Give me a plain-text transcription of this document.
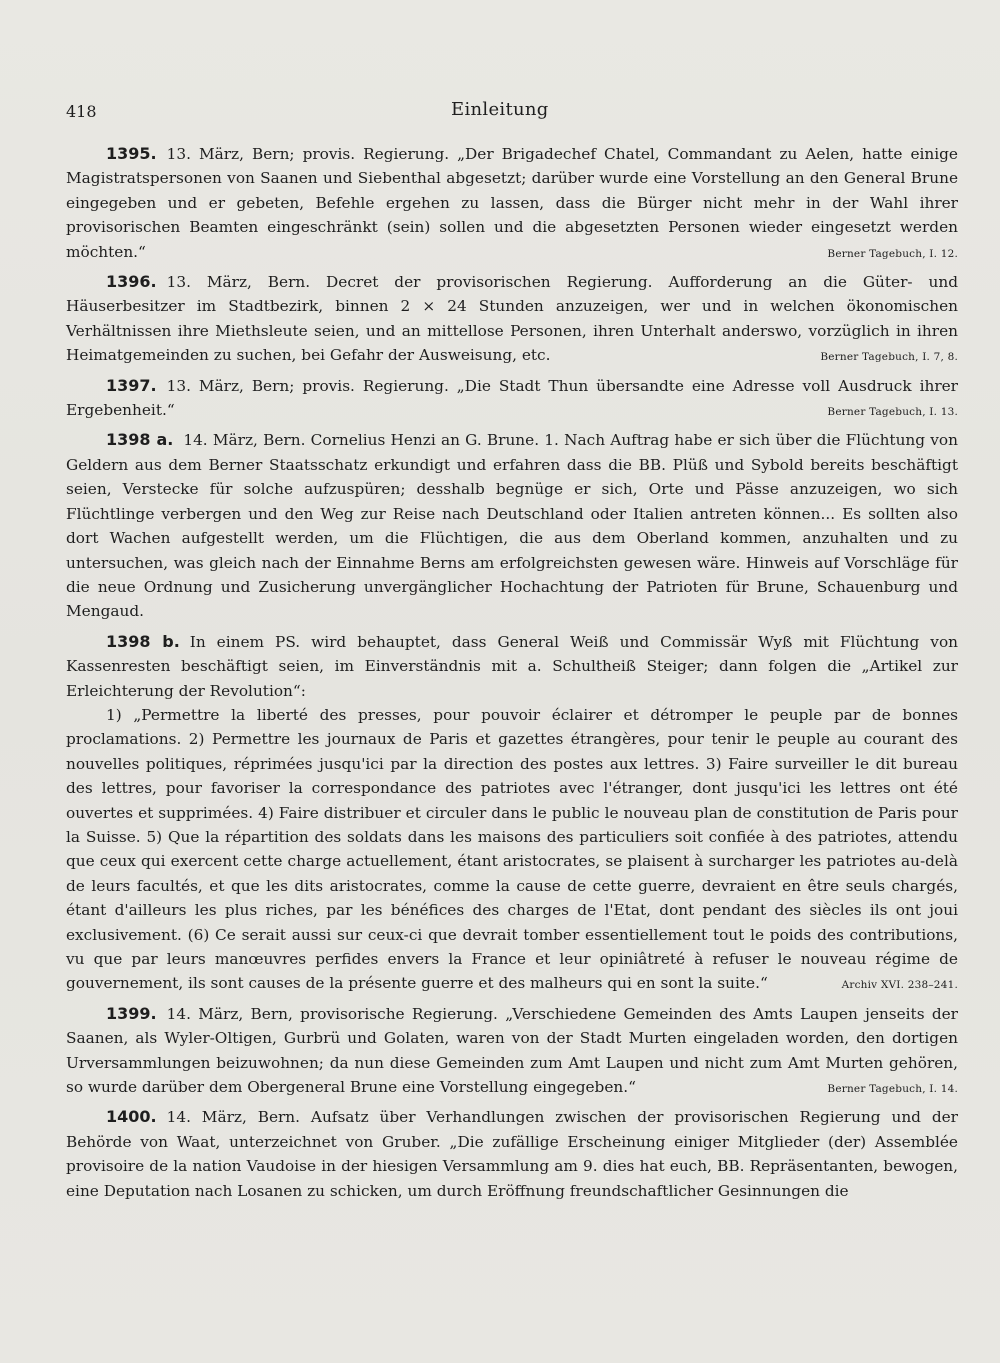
418	Einleitung

1395. 13. März, Bern; provis. Regierung. „Der Brigadechef Chatel, Commandant zu Aelen, hatte einige Magistratspersonen von Saanen und Siebenthal abgesetzt; darüber wurde eine Vorstellung an den General Brune eingegeben und er gebeten, Befehle ergehen zu lassen, dass die Bürger nicht mehr in der Wahl ihrer provisorischen Beamten eingeschränkt (sein) sollen und die abgesetzten Personen wieder eingesetzt werden möchten.“	Berner Tagebuch, I. 12.

1396. 13. März, Bern. Decret der provisorischen Regierung. Aufforderung an die Güter- und Häuserbesitzer im Stadtbezirk, binnen 2 × 24 Stunden anzuzeigen, wer und in welchen ökonomischen Verhältnissen ihre Miethsleute seien, und an mittellose Personen, ihren Unterhalt anderswo, vorzüglich in ihren Heimatgemeinden zu suchen, bei Gefahr der Ausweisung, etc.	Berner Tagebuch, I. 7, 8.

1397. 13. März, Bern; provis. Regierung. „Die Stadt Thun übersandte eine Adresse voll Ausdruck ihrer Ergebenheit.“	Berner Tagebuch, I. 13.

1398 a. 14. März, Bern. Cornelius Henzi an G. Brune. 1. Nach Auftrag habe er sich über die Flüchtung von Geldern aus dem Berner Staatsschatz erkundigt und erfahren dass die BB. Plüß und Sybold bereits beschäftigt seien, Verstecke für solche aufzuspüren; desshalb begnüge er sich, Orte und Pässe anzuzeigen, wo sich Flüchtlinge verbergen und den Weg zur Reise nach Deutschland oder Italien antreten können... Es sollten also dort Wachen aufgestellt werden, um die Flüchtigen, die aus dem Oberland kommen, anzuhalten und zu untersuchen, was gleich nach der Einnahme Berns am erfolgreichsten gewesen wäre. Hinweis auf Vorschläge für die neue Ordnung und Zusicherung unvergänglicher Hochachtung der Patrioten für Brune, Schauenburg und Mengaud.

1398 b. In einem PS. wird behauptet, dass General Weiß und Commissär Wyß mit Flüchtung von Kassenresten beschäftigt seien, im Einverständnis mit a. Schultheiß Steiger; dann folgen die „Artikel zur Erleichterung der Revolution“:

1) „Permettre la liberté des presses, pour pouvoir éclairer et détromper le peuple par de bonnes proclamations. 2) Permettre les journaux de Paris et gazettes étrangères, pour tenir le peuple au courant des nouvelles politiques, réprimées jusqu'ici par la direction des postes aux lettres. 3) Faire surveiller le dit bureau des lettres, pour favoriser la correspondance des patriotes avec l'étranger, dont jusqu'ici les lettres ont été ouvertes et supprimées. 4) Faire distribuer et circuler dans le public le nouveau plan de constitution de Paris pour la Suisse. 5) Que la répartition des soldats dans les maisons des particuliers soit confiée à des patriotes, attendu que ceux qui exercent cette charge actuellement, étant aristocrates, se plaisent à surcharger les patriotes au-delà de leurs facultés, et que les dits aristocrates, comme la cause de cette guerre, devraient en être seuls chargés, étant d'ailleurs les plus riches, par les bénéfices des charges de l'Etat, dont pendant des siècles ils ont joui exclusivement. (6) Ce serait aussi sur ceux-ci que devrait tomber essentiellement tout le poids des contributions, vu que par leurs manœuvres perfides envers la France et leur opiniâtreté à refuser le nouveau régime de gouvernement, ils sont causes de la présente guerre et des malheurs qui en sont la suite.“	Archiv XVI. 238–241.

1399. 14. März, Bern, provisorische Regierung. „Verschiedene Gemeinden des Amts Laupen jenseits der Saanen, als Wyler-Oltigen, Gurbrü und Golaten, waren von der Stadt Murten eingeladen worden, den dortigen Urversammlungen beizuwohnen; da nun diese Gemeinden zum Amt Laupen und nicht zum Amt Murten gehören, so wurde darüber dem Obergeneral Brune eine Vorstellung eingegeben.“	Berner Tagebuch, I. 14.

1400. 14. März, Bern. Aufsatz über Verhandlungen zwischen der provisorischen Regierung und der Behörde von Waat, unterzeichnet von Gruber. „Die zufällige Erscheinung einiger Mitglieder (der) Assemblée provisoire de la nation Vaudoise in der hiesigen Versammlung am 9. dies hat euch, BB. Repräsentanten, bewogen, eine Deputation nach Losanen zu schicken, um durch Eröffnung freundschaftlicher Gesinnungen die
